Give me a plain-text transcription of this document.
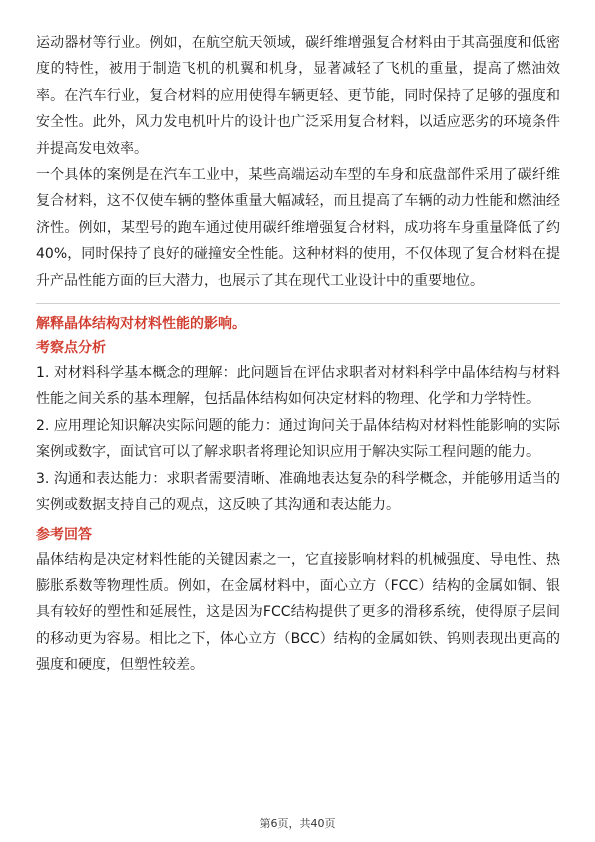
运动器材等行业。例如，在航空航天领域，碳纤维增强复合材料由于其高强度和低密度的特性，被用于制造飞机的机翼和机身，显著减轻了飞机的重量，提高了燃油效率。在汽车行业，复合材料的应用使得车辆更轻、更节能，同时保持了足够的强度和安全性。此外，风力发电机叶片的设计也广泛采用复合材料，以适应恶劣的环境条件并提高发电效率。

一个具体的案例是在汽车工业中，某些高端运动车型的车身和底盘部件采用了碳纤维复合材料，这不仅使车辆的整体重量大幅减轻，而且提高了车辆的动力性能和燃油经济性。例如，某型号的跑车通过使用碳纤维增强复合材料，成功将车身重量降低了约40%，同时保持了良好的碰撞安全性能。这种材料的使用，不仅体现了复合材料在提升产品性能方面的巨大潜力，也展示了其在现代工业设计中的重要地位。

解释晶体结构对材料性能的影响。

考察点分析

1. 对材料科学基本概念的理解：此问题旨在评估求职者对材料科学中晶体结构与材料性能之间关系的基本理解，包括晶体结构如何决定材料的物理、化学和力学特性。

2. 应用理论知识解决实际问题的能力：通过询问关于晶体结构对材料性能影响的实际案例或数字，面试官可以了解求职者将理论知识应用于解决实际工程问题的能力。

3. 沟通和表达能力：求职者需要清晰、准确地表达复杂的科学概念，并能够用适当的实例或数据支持自己的观点，这反映了其沟通和表达能力。

参考回答

晶体结构是决定材料性能的关键因素之一，它直接影响材料的机械强度、导电性、热膨胀系数等物理性质。例如，在金属材料中，面心立方（FCC）结构的金属如铜、银具有较好的塑性和延展性，这是因为FCC结构提供了更多的滑移系统，使得原子层间的移动更为容易。相比之下，体心立方（BCC）结构的金属如铁、钨则表现出更高的强度和硬度，但塑性较差。

第6页，共40页
